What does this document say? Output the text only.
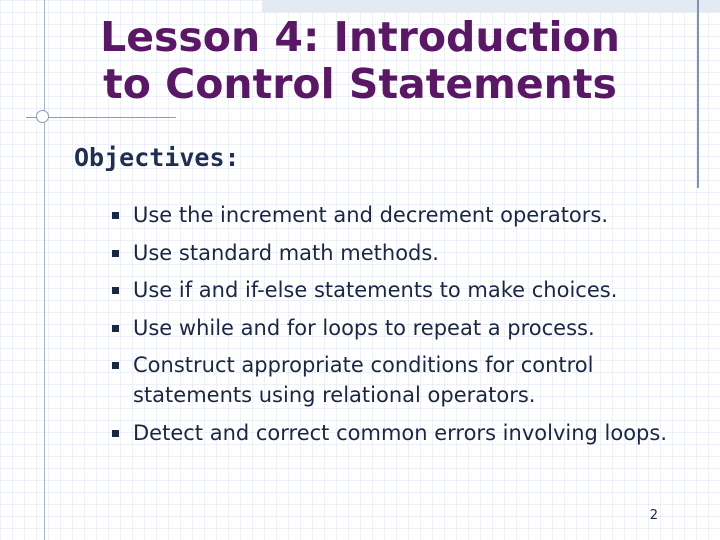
Lesson 4: Introduction
to Control Statements
Objectives:
Use the increment and decrement operators.
Use standard math methods.
Use if and if-else statements to make choices.
Use while and for loops to repeat a process.
Construct appropriate conditions for control statements using relational operators.
Detect and correct common errors involving loops.
2
